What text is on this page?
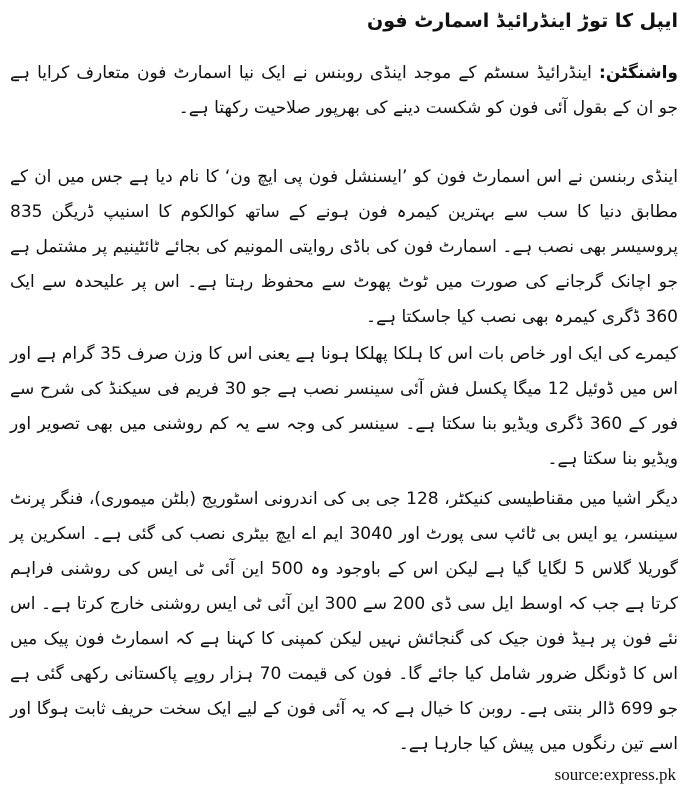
ایپل کا توڑ اینڈرائیڈ اسمارٹ فون

واشنگٹن: اینڈرائیڈ سسٹم کے موجد اینڈی روبنس نے ایک نیا اسمارٹ فون متعارف کرایا ہے جو ان کے بقول آئی فون کو شکست دینے کی بھرپور صلاحیت رکھتا ہے۔

اینڈی ربنسن نے اس اسمارٹ فون کو ’ایسنشل فون پی ایچ ون‘ کا نام دیا ہے جس میں ان کے مطابق دنیا کا سب سے بہترین کیمرہ فون ہونے کے ساتھ کوالکوم کا اسنیپ ڈریگن 835 پروسیسر بھی نصب ہے۔ اسمارٹ فون کی باڈی روایتی المونیم کی بجائے ٹائٹینیم پر مشتمل ہے جو اچانک گرجانے کی صورت میں ٹوٹ پھوٹ سے محفوظ رہتا ہے۔ اس پر علیحدہ سے ایک 360 ڈگری کیمرہ بھی نصب کیا جاسکتا ہے۔

کیمرے کی ایک اور خاص بات اس کا ہلکا پھلکا ہونا ہے یعنی اس کا وزن صرف 35 گرام ہے اور اس میں ڈوئیل 12 میگا پکسل فش آئی سینسر نصب ہے جو 30 فریم فی سیکنڈ کی شرح سے فور کے 360 ڈگری ویڈیو بنا سکتا ہے۔ سینسر کی وجہ سے یہ کم روشنی میں بھی تصویر اور ویڈیو بنا سکتا ہے۔

دیگر اشیا میں مقناطیسی کنیکٹر، 128 جی بی کی اندرونی اسٹوریج (بلٹن میموری)، فنگر پرنٹ سینسر، یو ایس بی ٹائپ سی پورٹ اور 3040 ایم اے ایچ بیٹری نصب کی گئی ہے۔ اسکرین پر گوریلا گلاس 5 لگایا گیا ہے لیکن اس کے باوجود وہ 500 این آئی ٹی ایس کی روشنی فراہم کرتا ہے جب کہ اوسط ایل سی ڈی 200 سے 300 این آئی ٹی ایس روشنی خارج کرتا ہے۔ اس نئے فون پر ہیڈ فون جیک کی گنجائش نہیں لیکن کمپنی کا کہنا ہے کہ اسمارٹ فون پیک میں اس کا ڈونگل ضرور شامل کیا جائے گا۔ فون کی قیمت 70 ہزار روپے پاکستانی رکھی گئی ہے جو 699 ڈالر بنتی ہے۔ روبن کا خیال ہے کہ یہ آئی فون کے لیے ایک سخت حریف ثابت ہوگا اور اسے تین رنگوں میں پیش کیا جارہا ہے۔

source:express.pk
